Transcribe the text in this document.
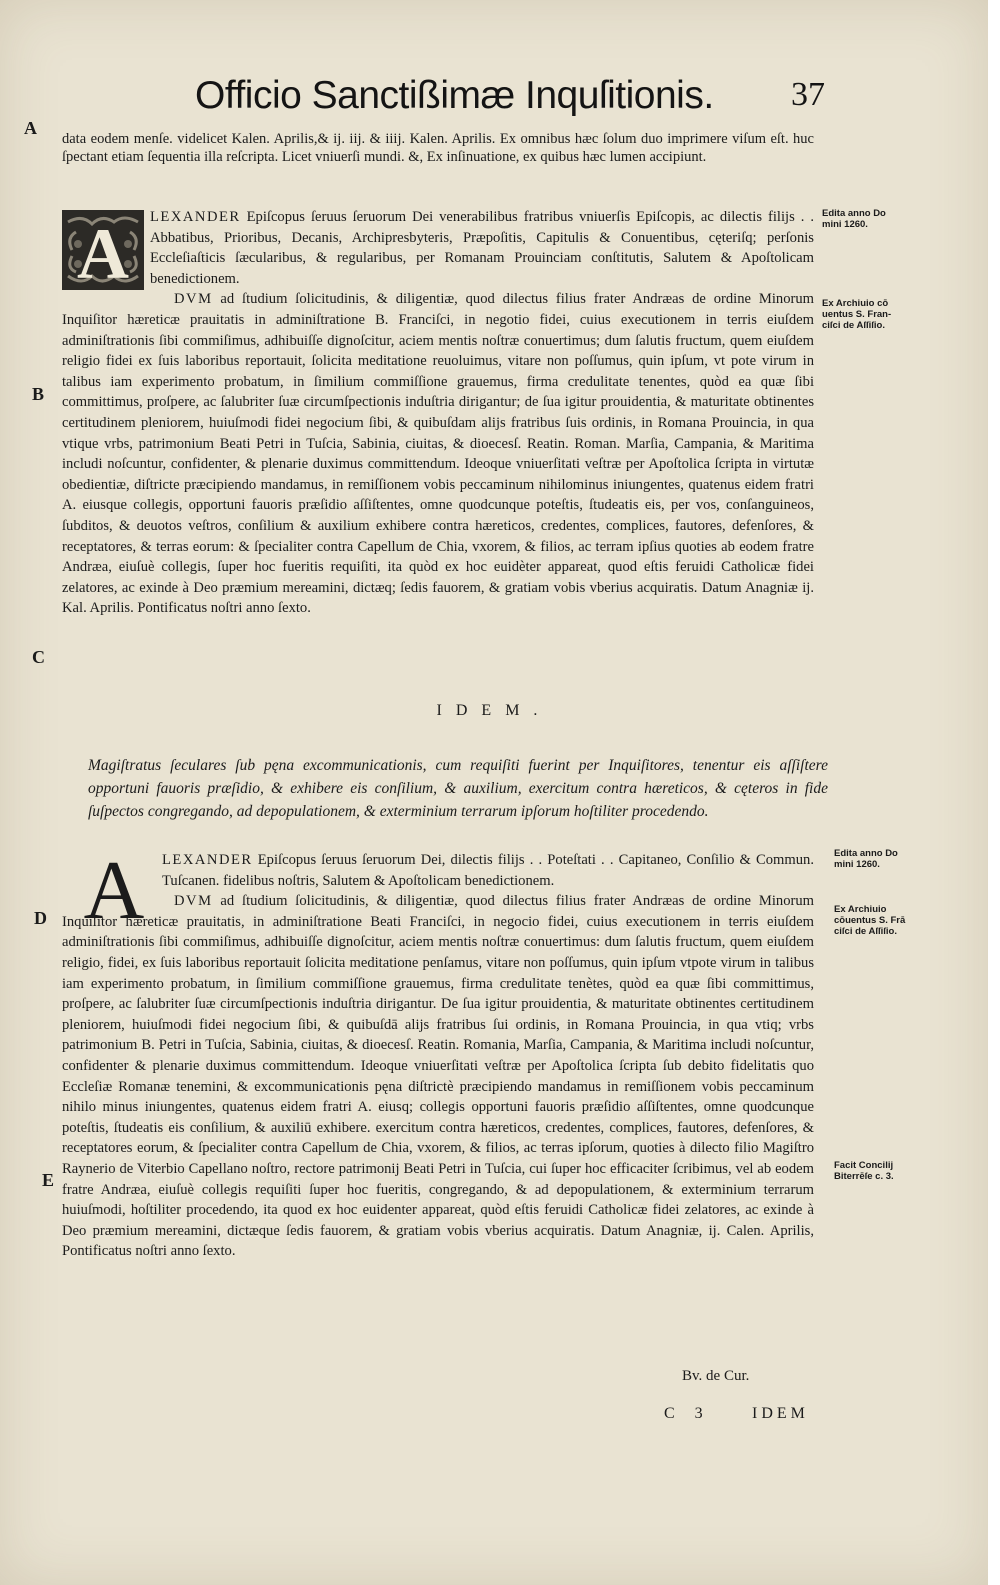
Officio Sanctißimæ Inquſitionis. 37
A
B
C
D
E

data eodem menſe. videlicet Kalen. Aprilis,& ij. iij. & iiij. Kalen. Aprilis. Ex omnibus hæc ſolum duo imprimere viſum eſt. huc ſpectant etiam ſequentia illa reſcripta. Licet vniuerſi mundi. &, Ex inſinuatione, ex quibus hæc lumen accipiunt.

A LEXANDER Epiſcopus ſeruus ſeruorum Dei venerabilibus fratribus vniuerſis Epiſcopis, ac dilectis filijs . . Abbatibus, Prioribus, Decanis, Archipresbyteris, Præpoſitis, Capitulis & Conuentibus, cęteriſq; perſonis Eccleſiaſticis ſæcularibus, & regularibus, per Romanam Prouinciam conſtitutis, Salutem & Apoſtolicam benedictionem.

DVM ad ſtudium ſolicitudinis, & diligentiæ, quod dilectus filius frater Andræas de ordine Minorum Inquiſitor hæreticæ prauitatis in adminiſtratione B. Franciſci, in negotio fidei, cuius executionem in terris eiuſdem adminiſtrationis ſibi commiſimus, adhibuiſſe dignoſcitur, aciem mentis noſtræ conuertimus; dum ſalutis fructum, quem eiuſdem religio fidei ex ſuis laboribus reportauit, ſolicita meditatione reuoluimus, vitare non poſſumus, quin ipſum, vt pote virum in talibus iam experimento probatum, in ſimilium commiſſione grauemus, firma credulitate tenentes, quòd ea quæ ſibi committimus, proſpere, ac ſalubriter ſuæ circumſpectionis induſtria dirigantur; de ſua igitur prouidentia, & maturitate obtinentes certitudinem pleniorem, huiuſmodi fidei negocium ſibi, & quibuſdam alijs fratribus ſuis ordinis, in Romana Prouincia, in qua vtique vrbs, patrimonium Beati Petri in Tuſcia, Sabinia, ciuitas, & dioecesſ. Reatin. Roman. Marſia, Campania, & Maritima includi noſcuntur, confidenter, & plenarie duximus committendum. Ideoque vniuerſitati veſtræ per Apoſtolica ſcripta in virtutæ obedientiæ, diſtricte præcipiendo mandamus, in remiſſionem vobis peccaminum nihilominus iniungentes, quatenus eidem fratri A. eiusque collegis, opportuni fauoris præſidio aſſiſtentes, omne quodcunque poteſtis, ſtudeatis eis, per vos, conſanguineos, ſubditos, & deuotos veſtros, conſilium & auxilium exhibere contra hæreticos, credentes, complices, fautores, defenſores, & receptatores, & terras eorum: & ſpecialiter contra Capellum de Chia, vxorem, & filios, ac terram ipſius quoties ab eodem fratre Andræa, eiuſuè collegis, ſuper hoc fueritis requiſiti, ita quòd ex hoc euidèter appareat, quod eſtis feruidi Catholicæ fidei zelatores, ac exinde à Deo præmium mereamini, dictæq; ſedis fauorem, & gratiam vobis vberius acquiratis. Datum Anagniæ ij. Kal. Aprilis. Pontificatus noſtri anno ſexto.

IDEM.

Magiſtratus ſeculares ſub pęna excommunicationis, cum requiſiti fuerint per Inquiſitores, tenentur eis aſſiſtere opportuni fauoris præſidio, & exhibere eis conſilium, & auxilium, exercitum contra hæreticos, & cęteros in fide ſuſpectos congregando, ad depopulationem, & exterminium terrarum ipſorum hoſtiliter procedendo.

A LEXANDER Epiſcopus ſeruus ſeruorum Dei, dilectis filijs . . Poteſtati . . Capitaneo, Conſilio & Commun. Tuſcanen. fidelibus noſtris, Salutem & Apoſtolicam benedictionem.

DVM ad ſtudium ſolicitudinis, & diligentiæ, quod dilectus filius frater Andræas de ordine Minorum Inquiſitor hæreticæ prauitatis, in adminiſtratione Beati Franciſci, in negocio fidei, cuius executionem in terris eiuſdem adminiſtrationis ſibi commiſimus, adhibuiſſe dignoſcitur, aciem mentis noſtræ conuertimus: dum ſalutis fructum, quem eiuſdem religio, fidei, ex ſuis laboribus reportauit ſolicita meditatione penſamus, vitare non poſſumus, quin ipſum vtpote virum in talibus iam experimento probatum, in ſimilium commiſſione grauemus, firma credulitate tenètes, quòd ea quæ ſibi committimus, proſpere, ac ſalubriter ſuæ circumſpectionis induſtria dirigantur. De ſua igitur prouidentia, & maturitate obtinentes certitudinem pleniorem, huiuſmodi fidei negocium ſibi, & quibuſdā alijs fratribus ſui ordinis, in Romana Prouincia, in qua vtiq; vrbs patrimonium B. Petri in Tuſcia, Sabinia, ciuitas, & dioecesſ. Reatin. Romania, Marſia, Campania, & Maritima includi noſcuntur, confidenter & plenarie duximus committendum. Ideoque vniuerſitati veſtræ per Apoſtolica ſcripta ſub debito fidelitatis quo Eccleſiæ Romanæ tenemini, & excommunicationis pęna diſtrictè præcipiendo mandamus in remiſſionem vobis peccaminum nihilo minus iniungentes, quatenus eidem fratri A. eiusq; collegis opportuni fauoris præſidio aſſiſtentes, omne quodcunque poteſtis, ſtudeatis eis conſilium, & auxiliū exhibere. exercitum contra hæreticos, credentes, complices, fautores, defenſores, & receptatores eorum, & ſpecialiter contra Capellum de Chia, vxorem, & filios, ac terras ipſorum, quoties à dilecto filio Magiſtro Raynerio de Viterbio Capellano noſtro, rectore patrimonij Beati Petri in Tuſcia, cui ſuper hoc efficaciter ſcribimus, vel ab eodem fratre Andræa, eiuſuè collegis requiſiti ſuper hoc fueritis, congregando, & ad depopulationem, & exterminium terrarum huiuſmodi, hoſtiliter procedendo, ita quod ex hoc euidenter appareat, quòd eſtis feruidi Catholicæ fidei zelatores, ac exinde à Deo præmium mereamini, dictæque ſedis fauorem, & gratiam vobis vberius acquiratis. Datum Anagniæ, ij. Calen. Aprilis, Pontificatus noſtri anno ſexto.

Bv. de Cur.
C 3	IDEM
Edita anno Do
mini 1260.
Ex Archiuio cō
uentus S. Fran-
ciſci de Aſſiſio.
Edita anno Do
mini 1260.
Ex Archiuio
cōuentus S. Frā
ciſci de Aſſiſio.
Facit Concilij
Biterrēſe c. 3.
